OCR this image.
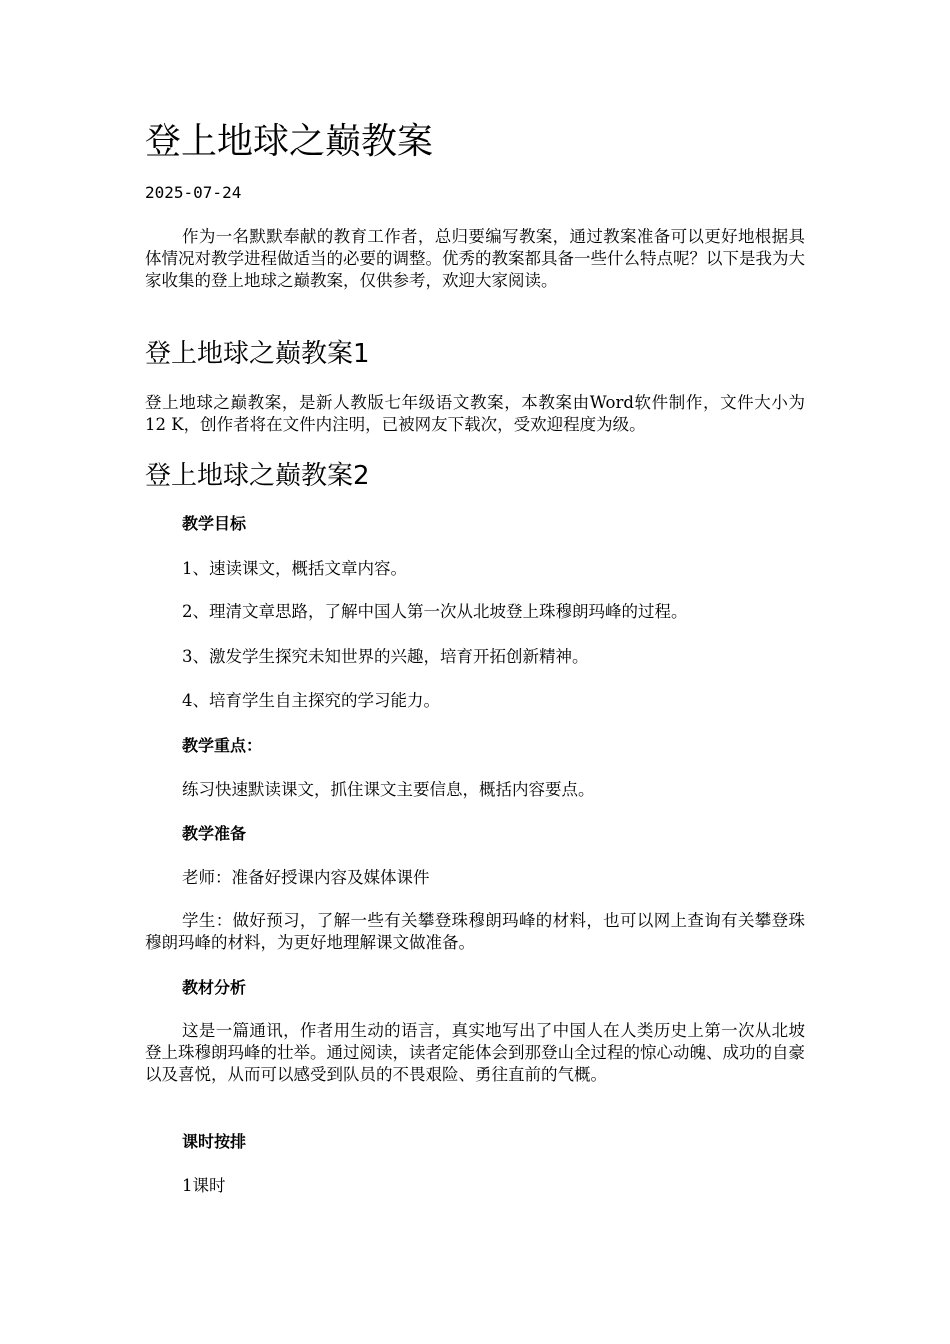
登上地球之巅教案

2025-07-24

作为一名默默奉献的教育工作者，总归要编写教案，通过教案准备可以更好地根据具体情况对教学进程做适当的必要的调整。优秀的教案都具备一些什么特点呢？以下是我为大家收集的登上地球之巅教案，仅供参考，欢迎大家阅读。

登上地球之巅教案1

登上地球之巅教案，是新人教版七年级语文教案，本教案由Word软件制作，文件大小为 12 K，创作者将在文件内注明，已被网友下载次，受欢迎程度为级。

登上地球之巅教案2

教学目标

1、速读课文，概括文章内容。

2、理清文章思路，了解中国人第一次从北坡登上珠穆朗玛峰的过程。

3、激发学生探究未知世界的兴趣，培育开拓创新精神。

4、培育学生自主探究的学习能力。

教学重点：

练习快速默读课文，抓住课文主要信息，概括内容要点。

教学准备

老师：准备好授课内容及媒体课件

学生：做好预习，了解一些有关攀登珠穆朗玛峰的材料，也可以网上查询有关攀登珠穆朗玛峰的材料，为更好地理解课文做准备。

教材分析

这是一篇通讯，作者用生动的语言，真实地写出了中国人在人类历史上第一次从北坡登上珠穆朗玛峰的壮举。通过阅读，读者定能体会到那登山全过程的惊心动魄、成功的自豪以及喜悦，从而可以感受到队员的不畏艰险、勇往直前的气概。

课时按排

1课时
